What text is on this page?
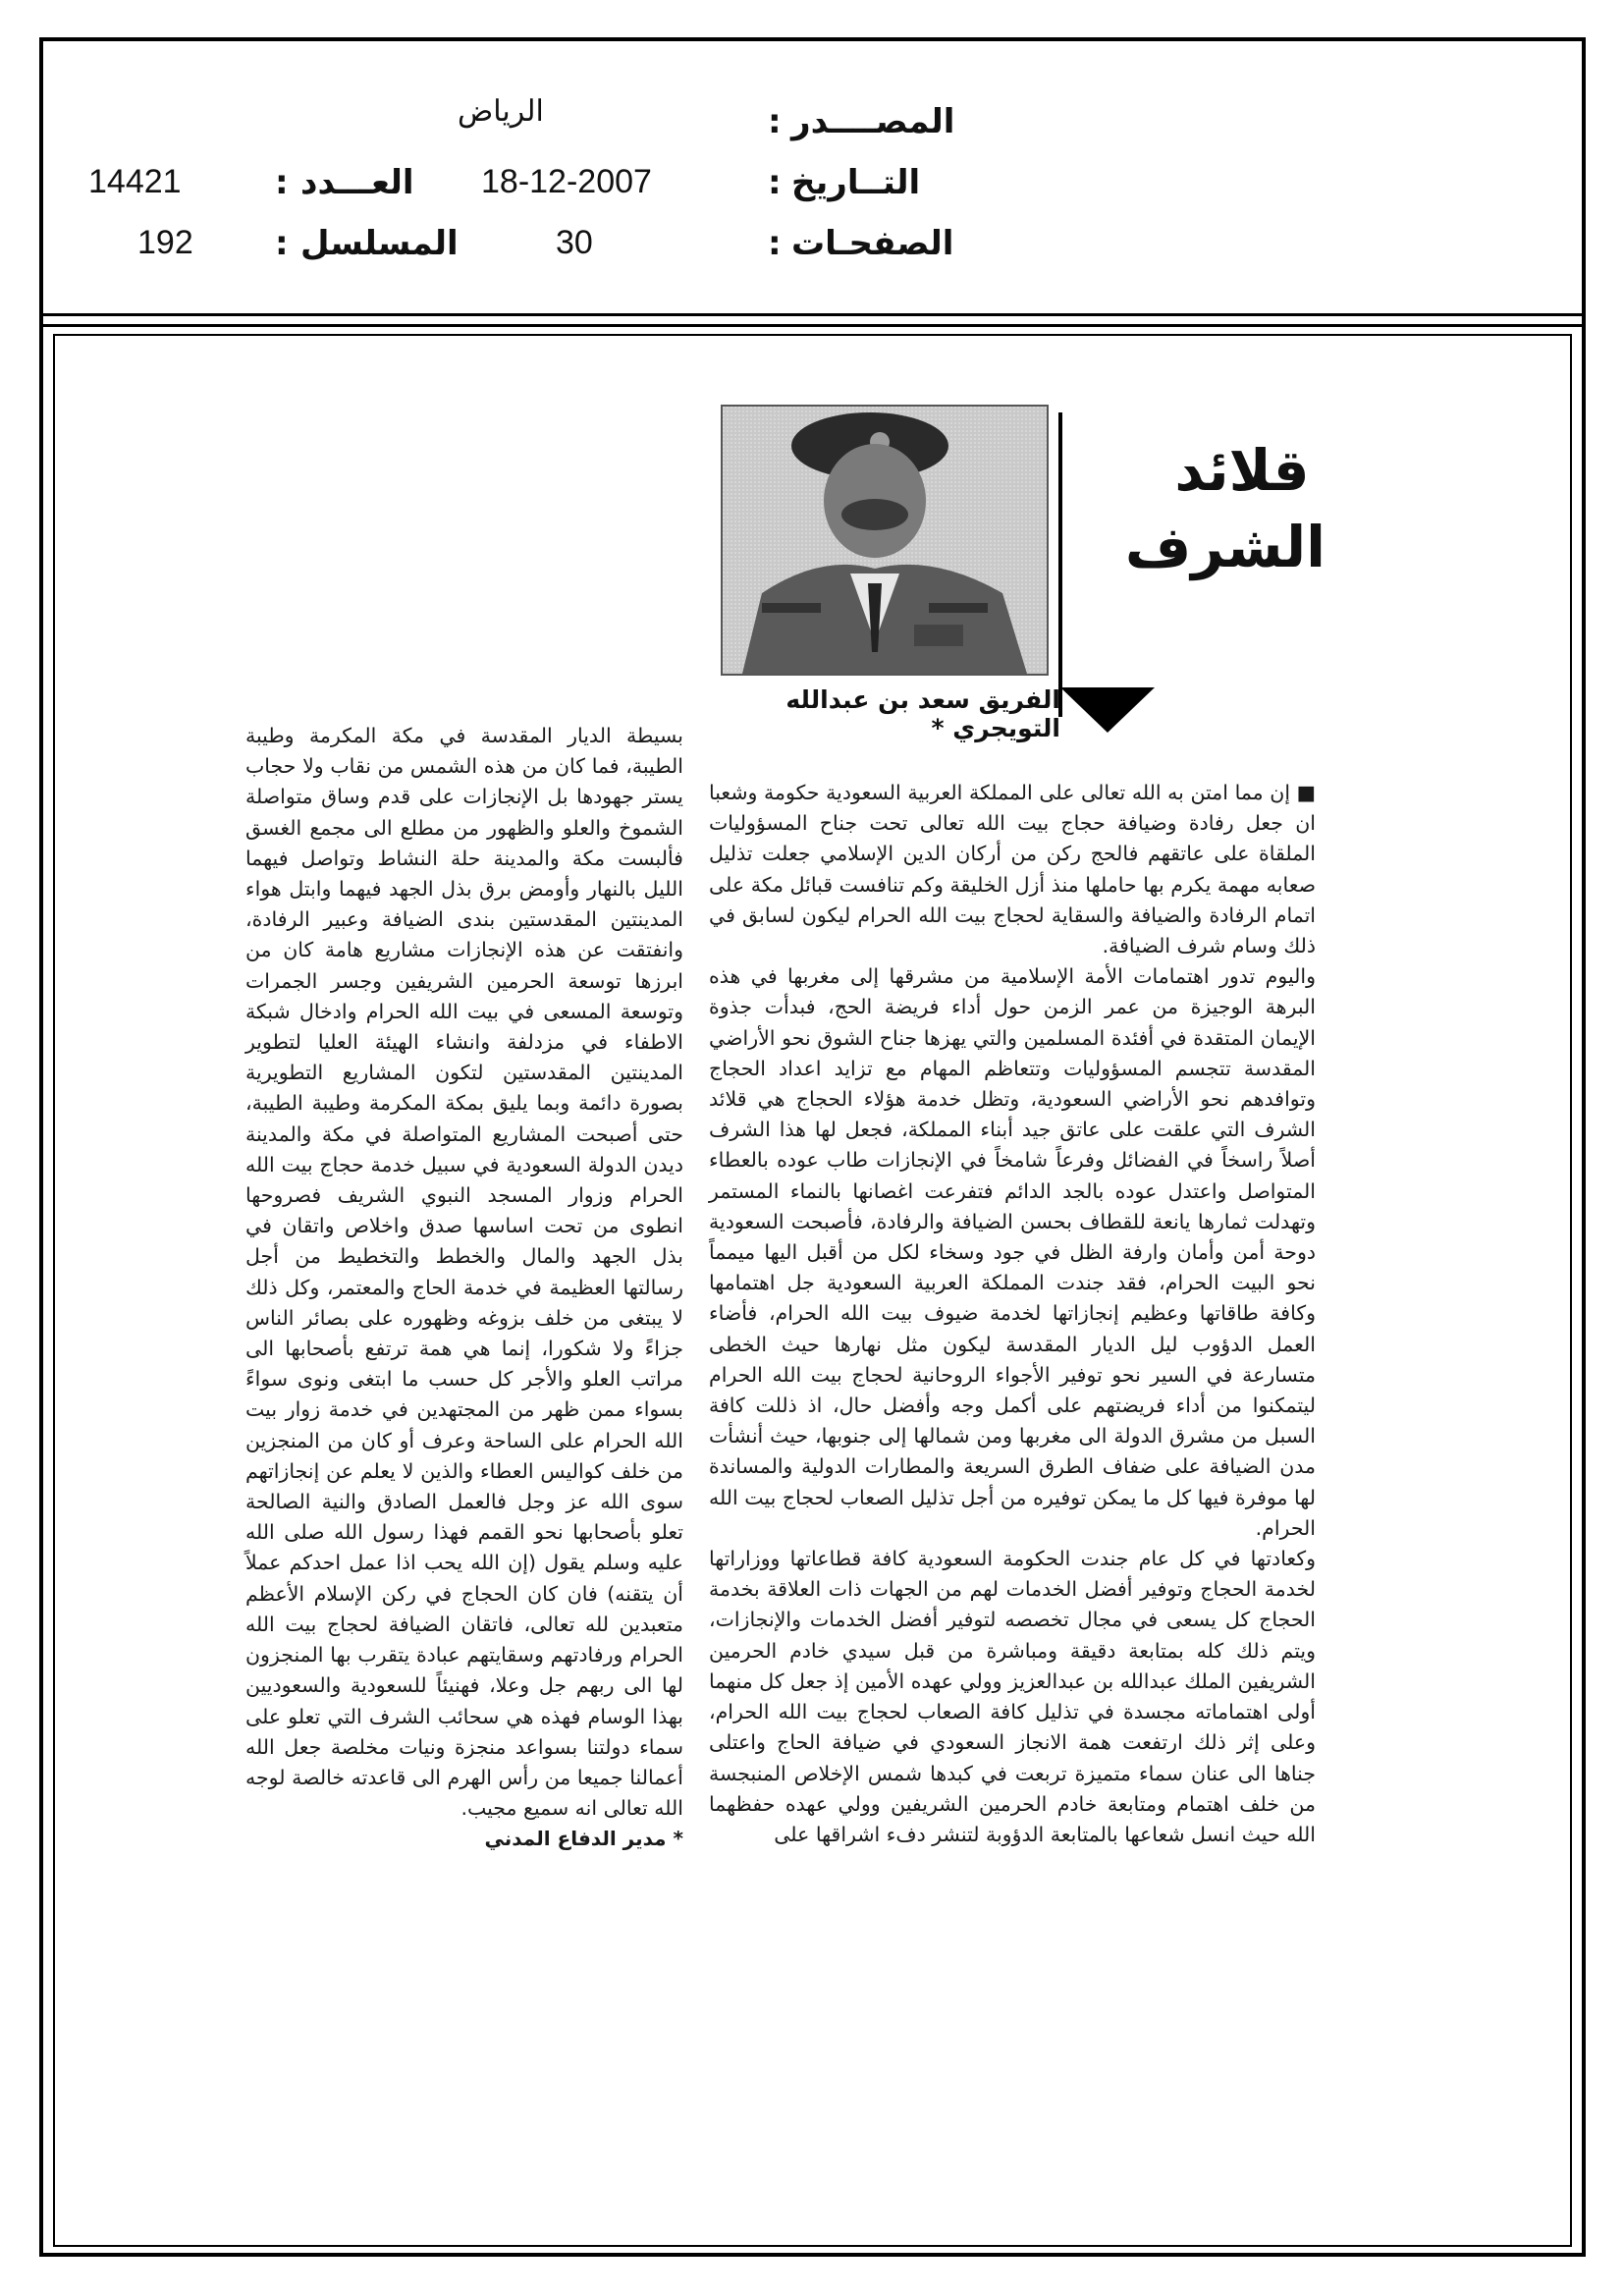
المصــــدر
:
الرياض
التــاريخ
:
18-12-2007
الصفحـات
:
30
العـــدد
:
14421
المسلسل
:
192
قلائد
الشرف
الفريق سعد بن عبدالله التويجري *

■ إن مما امتن به الله تعالى على المملكة العربية السعودية حكومة وشعبا ان جعل رفادة وضيافة حجاج بيت الله تعالى تحت جناح المسؤوليات الملقاة على عاتقهم فالحج ركن من أركان الدين الإسلامي جعلت تذليل صعابه مهمة يكرم بها حاملها منذ أزل الخليقة وكم تنافست قبائل مكة على اتمام الرفادة والضيافة والسقاية لحجاج بيت الله الحرام ليكون لسابق في ذلك وسام شرف الضيافة.

واليوم تدور اهتمامات الأمة الإسلامية من مشرقها إلى مغربها في هذه البرهة الوجيزة من عمر الزمن حول أداء فريضة الحج، فبدأت جذوة الإيمان المتقدة في أفئدة المسلمين والتي يهزها جناح الشوق نحو الأراضي المقدسة تتجسم المسؤوليات وتتعاظم المهام مع تزايد اعداد الحجاج وتوافدهم نحو الأراضي السعودية، وتظل خدمة هؤلاء الحجاج هي قلائد الشرف التي علقت على عاتق جيد أبناء المملكة، فجعل لها هذا الشرف أصلاً راسخاً في الفضائل وفرعاً شامخاً في الإنجازات طاب عوده بالعطاء المتواصل واعتدل عوده بالجد الدائم فتفرعت اغصانها بالنماء المستمر وتهدلت ثمارها يانعة للقطاف بحسن الضيافة والرفادة، فأصبحت السعودية دوحة أمن وأمان وارفة الظل في جود وسخاء لكل من أقبل اليها ميمماً نحو البيت الحرام، فقد جندت المملكة العربية السعودية جل اهتمامها وكافة طاقاتها وعظيم إنجازاتها لخدمة ضيوف بيت الله الحرام، فأضاء العمل الدؤوب ليل الديار المقدسة ليكون مثل نهارها حيث الخطى متسارعة في السير نحو توفير الأجواء الروحانية لحجاج بيت الله الحرام ليتمكنوا من أداء فريضتهم على أكمل وجه وأفضل حال، اذ ذللت كافة السبل من مشرق الدولة الى مغربها ومن شمالها إلى جنوبها، حيث أنشأت مدن الضيافة على ضفاف الطرق السريعة والمطارات الدولية والمساندة لها موفرة فيها كل ما يمكن توفيره من أجل تذليل الصعاب لحجاج بيت الله الحرام.

وكعادتها في كل عام جندت الحكومة السعودية كافة قطاعاتها ووزاراتها لخدمة الحجاج وتوفير أفضل الخدمات لهم من الجهات ذات العلاقة بخدمة الحجاج كل يسعى في مجال تخصصه لتوفير أفضل الخدمات والإنجازات، ويتم ذلك كله بمتابعة دقيقة ومباشرة من قبل سيدي خادم الحرمين الشريفين الملك عبدالله بن عبدالعزيز وولي عهده الأمين إذ جعل كل منهما أولى اهتماماته مجسدة في تذليل كافة الصعاب لحجاج بيت الله الحرام، وعلى إثر ذلك ارتفعت همة الانجاز السعودي في ضيافة الحاج واعتلى جناها الى عنان سماء متميزة تربعت في كبدها شمس الإخلاص المنبجسة من خلف اهتمام ومتابعة خادم الحرمين الشريفين وولي عهده حفظهما الله حيث انسل شعاعها بالمتابعة الدؤوبة لتنشر دفء اشراقها على

بسيطة الديار المقدسة في مكة المكرمة وطيبة الطيبة، فما كان من هذه الشمس من نقاب ولا حجاب يستر جهودها بل الإنجازات على قدم وساق متواصلة الشموخ والعلو والظهور من مطلع الى مجمع الغسق فألبست مكة والمدينة حلة النشاط وتواصل فيهما الليل بالنهار وأومض برق بذل الجهد فيهما وابتل هواء المدينتين المقدستين بندى الضيافة وعبير الرفادة، وانفتقت عن هذه الإنجازات مشاريع هامة كان من ابرزها توسعة الحرمين الشريفين وجسر الجمرات وتوسعة المسعى في بيت الله الحرام وادخال شبكة الاطفاء في مزدلفة وانشاء الهيئة العليا لتطوير المدينتين المقدستين لتكون المشاريع التطويرية بصورة دائمة وبما يليق بمكة المكرمة وطيبة الطيبة، حتى أصبحت المشاريع المتواصلة في مكة والمدينة ديدن الدولة السعودية في سبيل خدمة حجاج بيت الله الحرام وزوار المسجد النبوي الشريف فصروحها انطوى من تحت اساسها صدق واخلاص واتقان في بذل الجهد والمال والخطط والتخطيط من أجل رسالتها العظيمة في خدمة الحاج والمعتمر، وكل ذلك لا يبتغى من خلف بزوغه وظهوره على بصائر الناس جزاءً ولا شكورا، إنما هي همة ترتفع بأصحابها الى مراتب العلو والأجر كل حسب ما ابتغى ونوى سواءً بسواء ممن ظهر من المجتهدين في خدمة زوار بيت الله الحرام على الساحة وعرف أو كان من المنجزين من خلف كواليس العطاء والذين لا يعلم عن إنجازاتهم سوى الله عز وجل فالعمل الصادق والنية الصالحة تعلو بأصحابها نحو القمم فهذا رسول الله صلى الله عليه وسلم يقول (إن الله يحب اذا عمل احدكم عملاً أن يتقنه) فان كان الحجاج في ركن الإسلام الأعظم متعبدين لله تعالى، فاتقان الضيافة لحجاج بيت الله الحرام ورفادتهم وسقايتهم عبادة يتقرب بها المنجزون لها الى ربهم جل وعلا، فهنيئاً للسعودية والسعوديين بهذا الوسام فهذه هي سحائب الشرف التي تعلو على سماء دولتنا بسواعد منجزة ونيات مخلصة جعل الله أعمالنا جميعا من رأس الهرم الى قاعدته خالصة لوجه الله تعالى انه سميع مجيب.

* مدير الدفاع المدني
